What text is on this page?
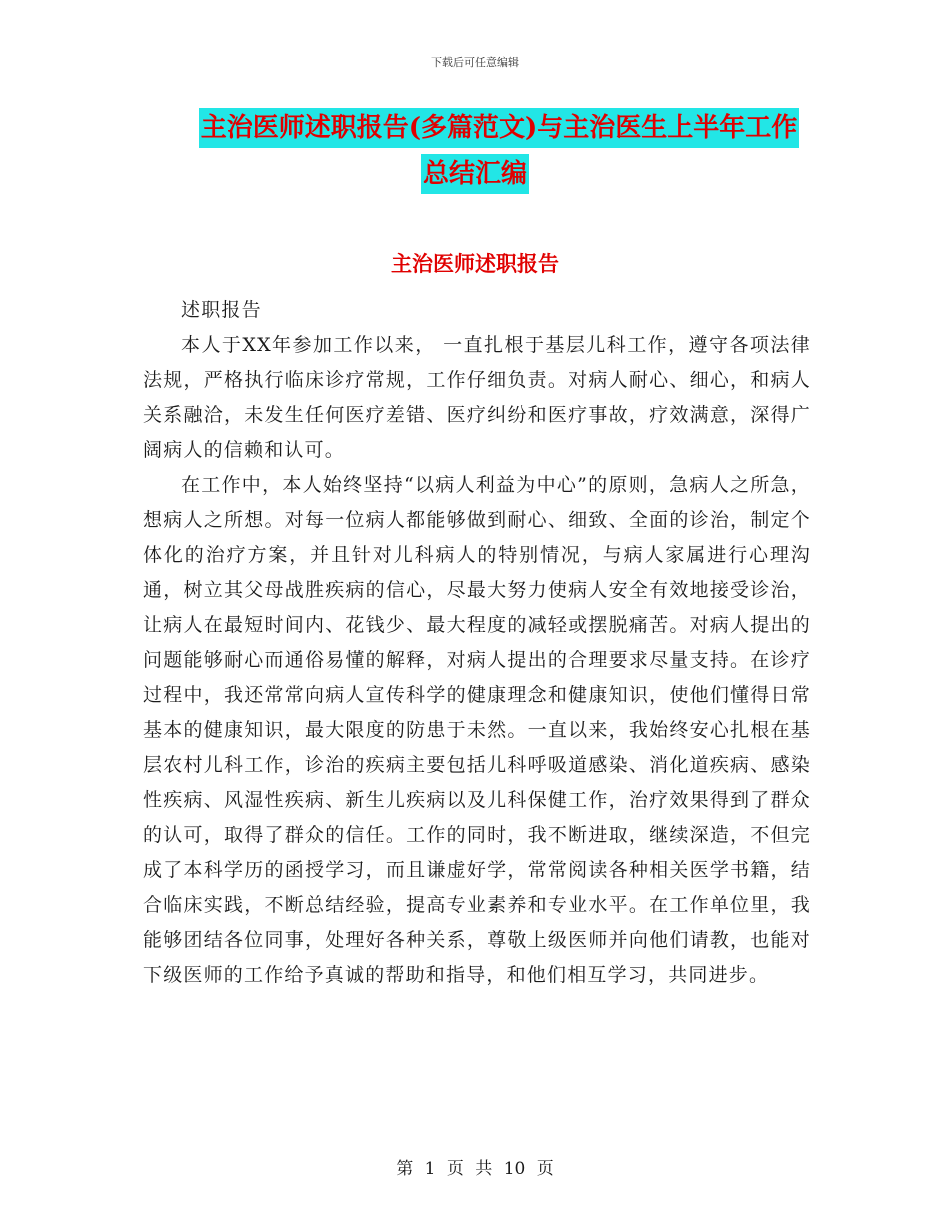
下载后可任意编辑
主治医师述职报告(多篇范文)与主治医生上半年工作
总结汇编
主治医师述职报告

述职报告

本人于XX年参加工作以来， 一直扎根于基层儿科工作，遵守各项法律法规，严格执行临床诊疗常规，工作仔细负责。对病人耐心、细心，和病人关系融洽，未发生任何医疗差错、医疗纠纷和医疗事故，疗效满意，深得广阔病人的信赖和认可。

在工作中，本人始终坚持“以病人利益为中心”的原则，急病人之所急，想病人之所想。对每一位病人都能够做到耐心、细致、全面的诊治，制定个体化的治疗方案，并且针对儿科病人的特别情况，与病人家属进行心理沟通，树立其父母战胜疾病的信心，尽最大努力使病人安全有效地接受诊治，让病人在最短时间内、花钱少、最大程度的减轻或摆脱痛苦。对病人提出的问题能够耐心而通俗易懂的解释，对病人提出的合理要求尽量支持。在诊疗过程中，我还常常向病人宣传科学的健康理念和健康知识，使他们懂得日常基本的健康知识，最大限度的防患于未然。一直以来，我始终安心扎根在基层农村儿科工作，诊治的疾病主要包括儿科呼吸道感染、消化道疾病、感染性疾病、风湿性疾病、新生儿疾病以及儿科保健工作，治疗效果得到了群众的认可，取得了群众的信任。工作的同时，我不断进取，继续深造，不但完成了本科学历的函授学习，而且谦虚好学，常常阅读各种相关医学书籍，结合临床实践，不断总结经验，提高专业素养和专业水平。在工作单位里，我能够团结各位同事，处理好各种关系，尊敬上级医师并向他们请教，也能对下级医师的工作给予真诚的帮助和指导，和他们相互学习，共同进步。

第 1 页 共 10 页
